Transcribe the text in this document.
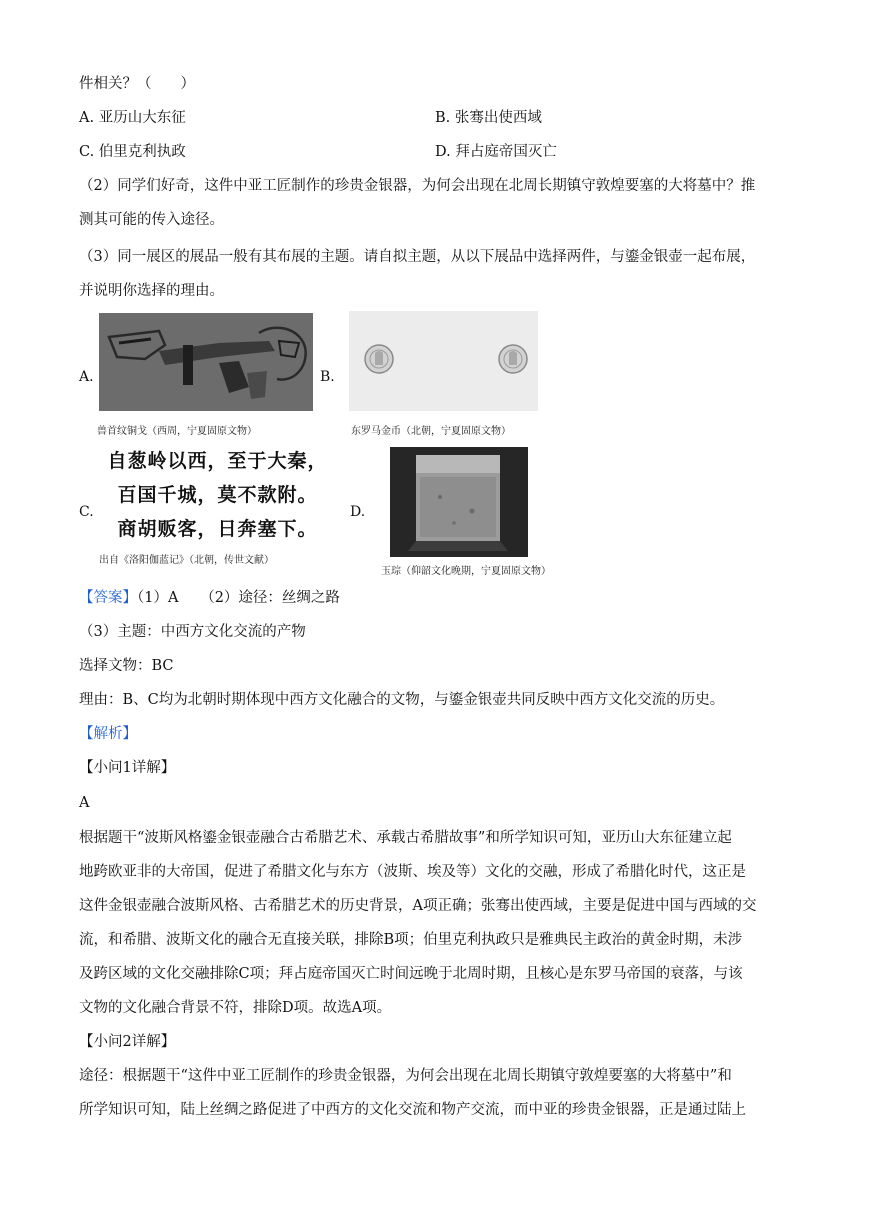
件相关？（　　）
A. 亚历山大东征	B. 张骞出使西域
C. 伯里克利执政	D. 拜占庭帝国灭亡
（2）同学们好奇，这件中亚工匠制作的珍贵金银器，为何会出现在北周长期镇守敦煌要塞的大将墓中？推
测其可能的传入途径。
（3）同一展区的展品一般有其布展的主题。请自拟主题，从以下展品中选择两件，与鎏金银壶一起布展，
并说明你选择的理由。
A.
兽首纹铜戈（西周，宁夏固原文物）
B.
东罗马金币（北朝，宁夏固原文物）
C.
自葱岭以西，至于大秦，
百国千城，莫不款附。
商胡贩客，日奔塞下。
出自《洛阳伽蓝记》（北朝，传世文献）
D.
玉琮（仰韶文化晚期，宁夏固原文物）
【答案】（1）A　　（2）途径：丝绸之路
（3）主题：中西方文化交流的产物
选择文物：BC
理由：B、C均为北朝时期体现中西方文化融合的文物，与鎏金银壶共同反映中西方文化交流的历史。
【解析】
【小问1详解】
A
根据题干“波斯风格鎏金银壶融合古希腊艺术、承载古希腊故事”和所学知识可知，亚历山大东征建立起
地跨欧亚非的大帝国，促进了希腊文化与东方（波斯、埃及等）文化的交融，形成了希腊化时代，这正是
这件金银壶融合波斯风格、古希腊艺术的历史背景，A项正确；张骞出使西域，主要是促进中国与西域的交
流，和希腊、波斯文化的融合无直接关联，排除B项；伯里克利执政只是雅典民主政治的黄金时期，未涉
及跨区域的文化交融排除C项；拜占庭帝国灭亡时间远晚于北周时期，且核心是东罗马帝国的衰落，与该
文物的文化融合背景不符，排除D项。故选A项。
【小问2详解】
途径：根据题干“这件中亚工匠制作的珍贵金银器，为何会出现在北周长期镇守敦煌要塞的大将墓中”和
所学知识可知，陆上丝绸之路促进了中西方的文化交流和物产交流，而中亚的珍贵金银器，正是通过陆上
